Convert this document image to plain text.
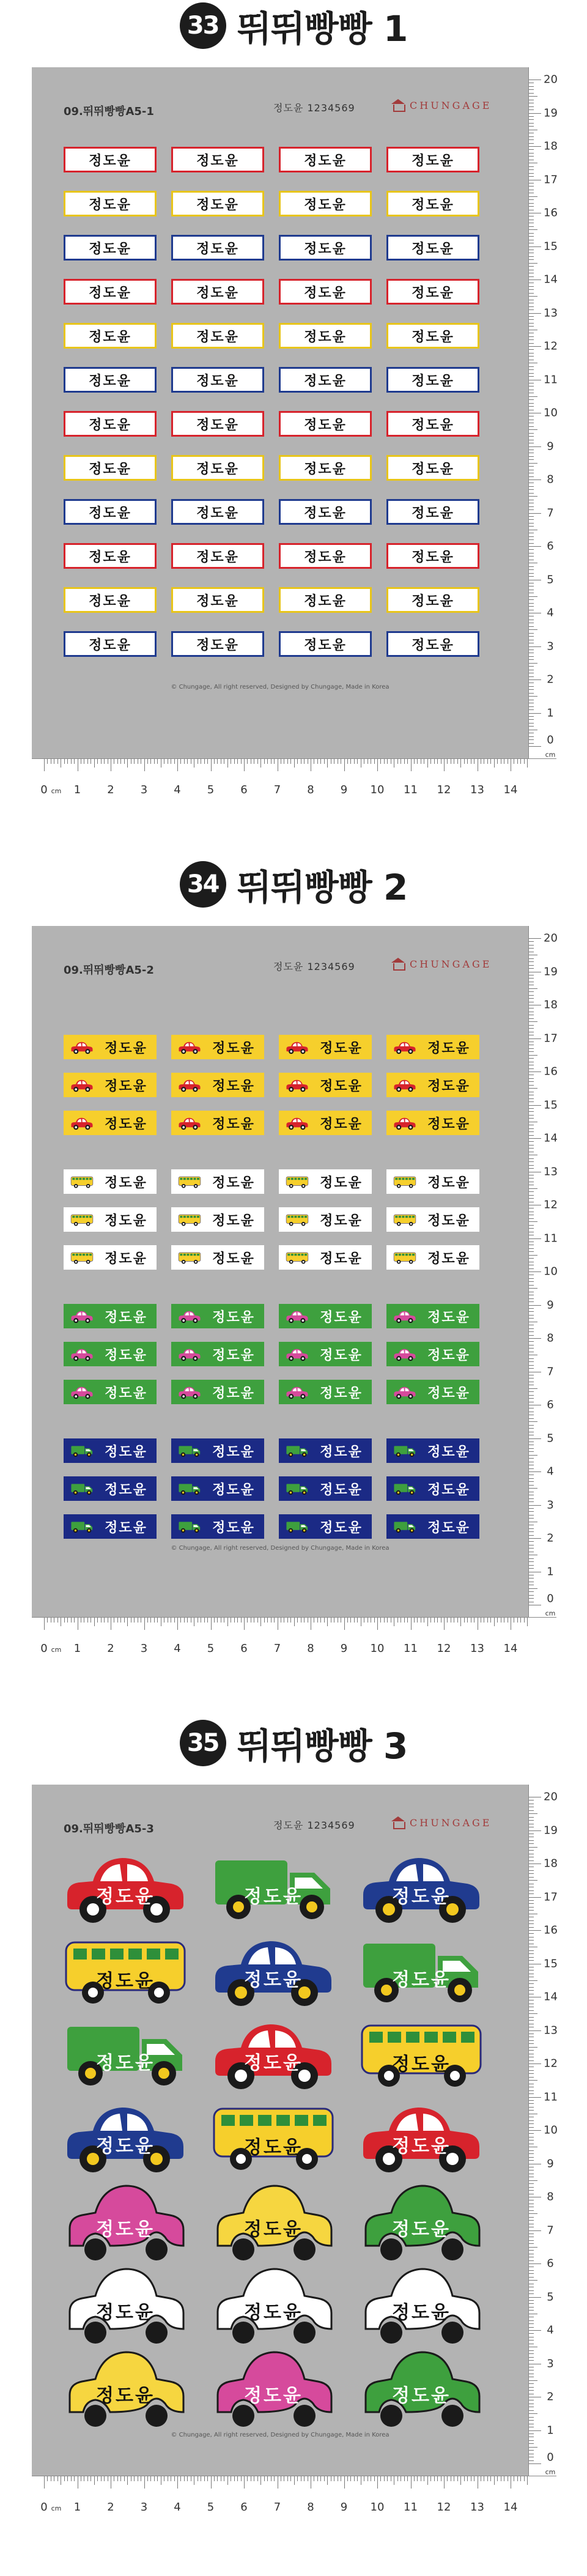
33 뛰뛰빵빵 1
09.뛰뛰빵빵A5-1	정도윤 1234569	CHUNGAGE
© Chungage, All right reserved, Designed by Chungage, Made in Korea
정도윤	정도윤	정도윤	정도윤
정도윤	정도윤	정도윤	정도윤
정도윤	정도윤	정도윤	정도윤
정도윤	정도윤	정도윤	정도윤
정도윤	정도윤	정도윤	정도윤
정도윤	정도윤	정도윤	정도윤
정도윤	정도윤	정도윤	정도윤
정도윤	정도윤	정도윤	정도윤
정도윤	정도윤	정도윤	정도윤
정도윤	정도윤	정도윤	정도윤
정도윤	정도윤	정도윤	정도윤
정도윤	정도윤	정도윤	정도윤
20
19
18
17
16
15
14
13
12
11
10
9
8
7
6
5
4
3
2
1
0
cm
0 cm 1 2 3 4 5 6 7 8 9 10 11 12 13 14
34 뛰뛰빵빵 2
09.뛰뛰빵빵A5-2	정도윤 1234569	CHUNGAGE
© Chungage, All right reserved, Designed by Chungage, Made in Korea
정도윤	정도윤	정도윤	정도윤
정도윤	정도윤	정도윤	정도윤
정도윤	정도윤	정도윤	정도윤
정도윤	정도윤	정도윤	정도윤
정도윤	정도윤	정도윤	정도윤
정도윤	정도윤	정도윤	정도윤
정도윤	정도윤	정도윤	정도윤
정도윤	정도윤	정도윤	정도윤
정도윤	정도윤	정도윤	정도윤
정도윤	정도윤	정도윤	정도윤
정도윤	정도윤	정도윤	정도윤
정도윤	정도윤	정도윤	정도윤
20
19
18
17
16
15
14
13
12
11
10
9
8
7
6
5
4
3
2
1
0
cm
0 cm 1 2 3 4 5 6 7 8 9 10 11 12 13 14
35 뛰뛰빵빵 3
09.뛰뛰빵빵A5-3	정도윤 1234569	CHUNGAGE
© Chungage, All right reserved, Designed by Chungage, Made in Korea
정도윤	정도윤	정도윤
정도윤	정도윤	정도윤
정도윤	정도윤	정도윤
정도윤	정도윤	정도윤
정도윤	정도윤	정도윤
정도윤	정도윤	정도윤
정도윤	정도윤	정도윤
20
19
18
17
16
15
14
13
12
11
10
9
8
7
6
5
4
3
2
1
0
cm
0 cm 1 2 3 4 5 6 7 8 9 10 11 12 13 14
